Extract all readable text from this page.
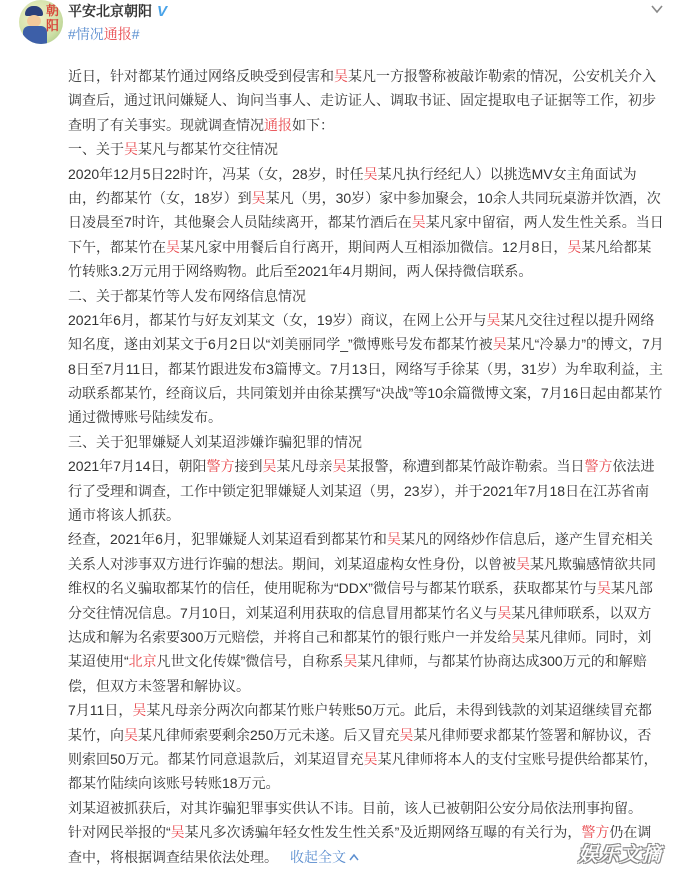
朝阳
平安北京朝阳 V
#情况通报#
近日，针对都某竹通过网络反映受到侵害和吴某凡一方报警称被敲诈勒索的情况，公安机关介入
调查后，通过讯问嫌疑人、询问当事人、走访证人、调取书证、固定提取电子证据等工作，初步
查明了有关事实。现就调查情况通报如下：
一、关于吴某凡与都某竹交往情况
2020年12月5日22时许，冯某（女，28岁，时任吴某凡执行经纪人）以挑选MV女主角面试为
由，约都某竹（女，18岁）到吴某凡（男，30岁）家中参加聚会，10余人共同玩桌游并饮酒，次
日凌晨至7时许，其他聚会人员陆续离开，都某竹酒后在吴某凡家中留宿，两人发生性关系。当日
下午，都某竹在吴某凡家中用餐后自行离开，期间两人互相添加微信。12月8日，吴某凡给都某
竹转账3.2万元用于网络购物。此后至2021年4月期间，两人保持微信联系。
二、关于都某竹等人发布网络信息情况
2021年6月，都某竹与好友刘某文（女，19岁）商议，在网上公开与吴某凡交往过程以提升网络
知名度，遂由刘某文于6月2日以“刘美丽同学_”微博账号发布都某竹被吴某凡“冷暴力”的博文，7月
8日至7月11日，都某竹跟进发布3篇博文。7月13日，网络写手徐某（男，31岁）为牟取利益，主
动联系都某竹，经商议后，共同策划并由徐某撰写“决战”等10余篇微博文案，7月16日起由都某竹
通过微博账号陆续发布。
三、关于犯罪嫌疑人刘某迢涉嫌诈骗犯罪的情况
2021年7月14日，朝阳警方接到吴某凡母亲吴某报警，称遭到都某竹敲诈勒索。当日警方依法进
行了受理和调查，工作中锁定犯罪嫌疑人刘某迢（男，23岁），并于2021年7月18日在江苏省南
通市将该人抓获。
经查，2021年6月，犯罪嫌疑人刘某迢看到都某竹和吴某凡的网络炒作信息后，遂产生冒充相关
关系人对涉事双方进行诈骗的想法。期间，刘某迢虚构女性身份，以曾被吴某凡欺骗感情欲共同
维权的名义骗取都某竹的信任，使用昵称为“DDX”微信号与都某竹联系，获取都某竹与吴某凡部
分交往情况信息。7月10日，刘某迢利用获取的信息冒用都某竹名义与吴某凡律师联系，以双方
达成和解为名索要300万元赔偿，并将自己和都某竹的银行账户一并发给吴某凡律师。同时，刘
某迢使用“北京凡世文化传媒”微信号，自称系吴某凡律师，与都某竹协商达成300万元的和解赔
偿，但双方未签署和解协议。
7月11日，吴某凡母亲分两次向都某竹账户转账50万元。此后，未得到钱款的刘某迢继续冒充都
某竹，向吴某凡律师索要剩余250万元未遂。后又冒充吴某凡律师要求都某竹签署和解协议，否
则索回50万元。都某竹同意退款后，刘某迢冒充吴某凡律师将本人的支付宝账号提供给都某竹，
都某竹陆续向该账号转账18万元。
刘某迢被抓获后，对其诈骗犯罪事实供认不讳。目前，该人已被朝阳公安分局依法刑事拘留。
针对网民举报的“吴某凡多次诱骗年轻女性发生性关系”及近期网络互曝的有关行为，警方仍在调
查中，将根据调查结果依法处理。 收起全文	娱乐文摘
